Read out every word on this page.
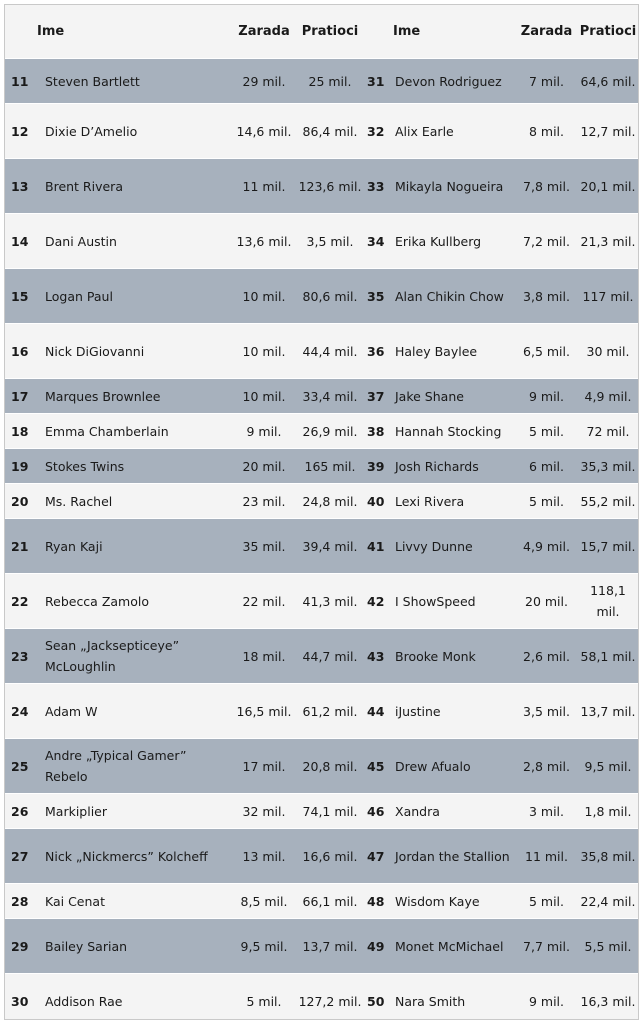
	Ime	Zarada	Pratioci		Ime	Zarada	Pratioci
11	Steven Bartlett	29 mil.	25 mil.	31	Devon Rodriguez	7 mil.	64,6 mil.
12	Dixie D’Amelio	14,6 mil.	86,4 mil.	32	Alix Earle	8 mil.	12,7 mil.
13	Brent Rivera	11 mil.	123,6 mil.	33	Mikayla Nogueira	7,8 mil.	20,1 mil.
14	Dani Austin	13,6 mil.	3,5 mil.	34	Erika Kullberg	7,2 mil.	21,3 mil.
15	Logan Paul	10 mil.	80,6 mil.	35	Alan Chikin Chow	3,8 mil.	117 mil.
16	Nick DiGiovanni	10 mil.	44,4 mil.	36	Haley Baylee	6,5 mil.	30 mil.
17	Marques Brownlee	10 mil.	33,4 mil.	37	Jake Shane	9 mil.	4,9 mil.
18	Emma Chamberlain	9 mil.	26,9 mil.	38	Hannah Stocking	5 mil.	72 mil.
19	Stokes Twins	20 mil.	165 mil.	39	Josh Richards	6 mil.	35,3 mil.
20	Ms. Rachel	23 mil.	24,8 mil.	40	Lexi Rivera	5 mil.	55,2 mil.
21	Ryan Kaji	35 mil.	39,4 mil.	41	Livvy Dunne	4,9 mil.	15,7 mil.
22	Rebecca Zamolo	22 mil.	41,3 mil.	42	I ShowSpeed	20 mil.	118,1 mil.
23	Sean „Jacksepticeye” McLoughlin	18 mil.	44,7 mil.	43	Brooke Monk	2,6 mil.	58,1 mil.
24	Adam W	16,5 mil.	61,2 mil.	44	iJustine	3,5 mil.	13,7 mil.
25	Andre „Typical Gamer” Rebelo	17 mil.	20,8 mil.	45	Drew Afualo	2,8 mil.	9,5 mil.
26	Markiplier	32 mil.	74,1 mil.	46	Xandra	3 mil.	1,8 mil.
27	Nick „Nickmercs” Kolcheff	13 mil.	16,6 mil.	47	Jordan the Stallion	11 mil.	35,8 mil.
28	Kai Cenat	8,5 mil.	66,1 mil.	48	Wisdom Kaye	5 mil.	22,4 mil.
29	Bailey Sarian	9,5 mil.	13,7 mil.	49	Monet McMichael	7,7 mil.	5,5 mil.
30	Addison Rae	5 mil.	127,2 mil.	50	Nara Smith	9 mil.	16,3 mil.
